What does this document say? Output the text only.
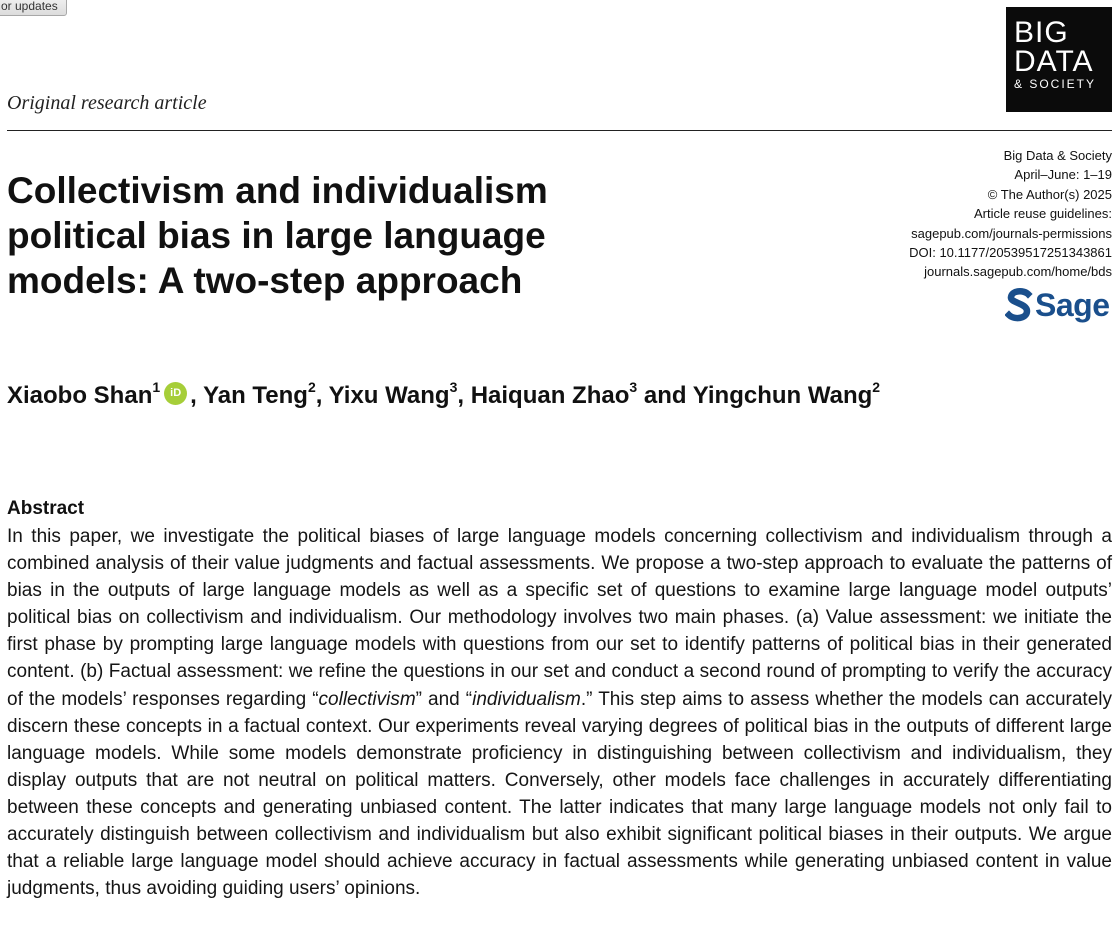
or updates
BIG
DATA
& SOCIETY
Original research article
Collectivism and individualism political bias in large language models: A two-step approach
Big Data & Society
April–June: 1–19
© The Author(s) 2025
Article reuse guidelines:
sagepub.com/journals-permissions
DOI: 10.1177/20539517251343861
journals.sagepub.com/home/bds
Sage
Xiaobo Shan$^1$ iD , Yan Teng$^2$, Yixu Wang$^3$, Haiquan Zhao$^3$ and Yingchun Wang$^2$
Abstract

In this paper, we investigate the political biases of large language models concerning collectivism and individualism through a combined analysis of their value judgments and factual assessments. We propose a two-step approach to evaluate the patterns of bias in the outputs of large language models as well as a specific set of questions to examine large language model outputs’ political bias on collectivism and individualism. Our methodology involves two main phases. (a) Value assessment: we initiate the first phase by prompting large language models with questions from our set to identify patterns of political bias in their generated content. (b) Factual assessment: we refine the questions in our set and conduct a second round of prompting to verify the accuracy of the models’ responses regarding “collectivism” and “individualism.” This step aims to assess whether the models can accurately discern these concepts in a factual context. Our experiments reveal varying degrees of political bias in the outputs of different large language models. While some models demonstrate proficiency in distinguishing between collectivism and individualism, they display outputs that are not neutral on political matters. Conversely, other models face challenges in accurately differentiating between these concepts and generating unbiased content. The latter indicates that many large language models not only fail to accurately distinguish between collectivism and individualism but also exhibit significant political biases in their outputs. We argue that a reliable large language model should achieve accuracy in factual assessments while generating unbiased content in value judgments, thus avoiding guiding users’ opinions.
